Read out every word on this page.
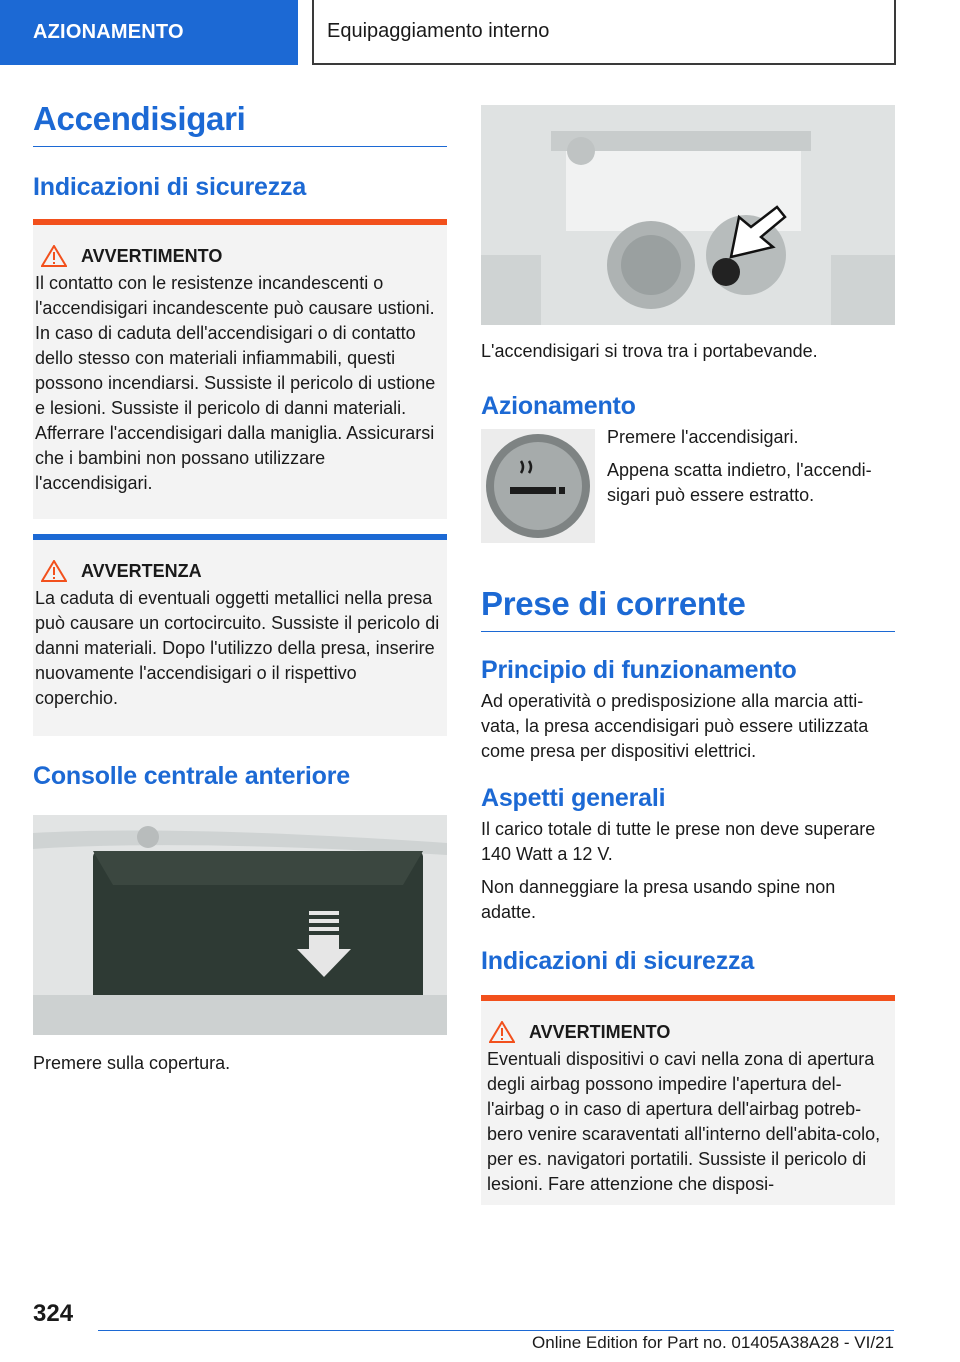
AZIONAMENTO	Equipaggiamento interno
Accendisigari
Indicazioni di sicurezza
AVVERTIMENTO

Il contatto con le resistenze incandescenti o l'accendisigari incandescente può causare ustioni. In caso di caduta dell'accendisigari o di contatto dello stesso con materiali infiammabili, questi possono incendiarsi. Sussiste il pericolo di ustione e lesioni. Sussiste il pericolo di danni materiali. Afferrare l'accendisigari dalla maniglia. Assicurarsi che i bambini non possano utilizzare l'accendisigari.

AVVERTENZA

La caduta di eventuali oggetti metallici nella presa può causare un cortocircuito. Sussiste il pericolo di danni materiali. Dopo l'utilizzo della presa, inserire nuovamente l'accendisigari o il rispettivo coperchio.

Consolle centrale anteriore

Premere sulla copertura.

L'accendisigari si trova tra i portabevande.

Azionamento

Premere l'accendisigari.

Appena scatta indietro, l'accendi-sigari può essere estratto.

Prese di corrente
Principio di funzionamento

Ad operatività o predisposizione alla marcia atti-vata, la presa accendisigari può essere utilizzata come presa per dispositivi elettrici.

Aspetti generali

Il carico totale di tutte le prese non deve superare 140 Watt a 12 V.

Non danneggiare la presa usando spine non adatte.

Indicazioni di sicurezza
AVVERTIMENTO

Eventuali dispositivi o cavi nella zona di apertura degli airbag possono impedire l'apertura del-l'airbag o in caso di apertura dell'airbag potreb-bero venire scaraventati all'interno dell'abita-colo, per es. navigatori portatili. Sussiste il pericolo di lesioni. Fare attenzione che disposi-

324
Online Edition for Part no. 01405A38A28 - VI/21
